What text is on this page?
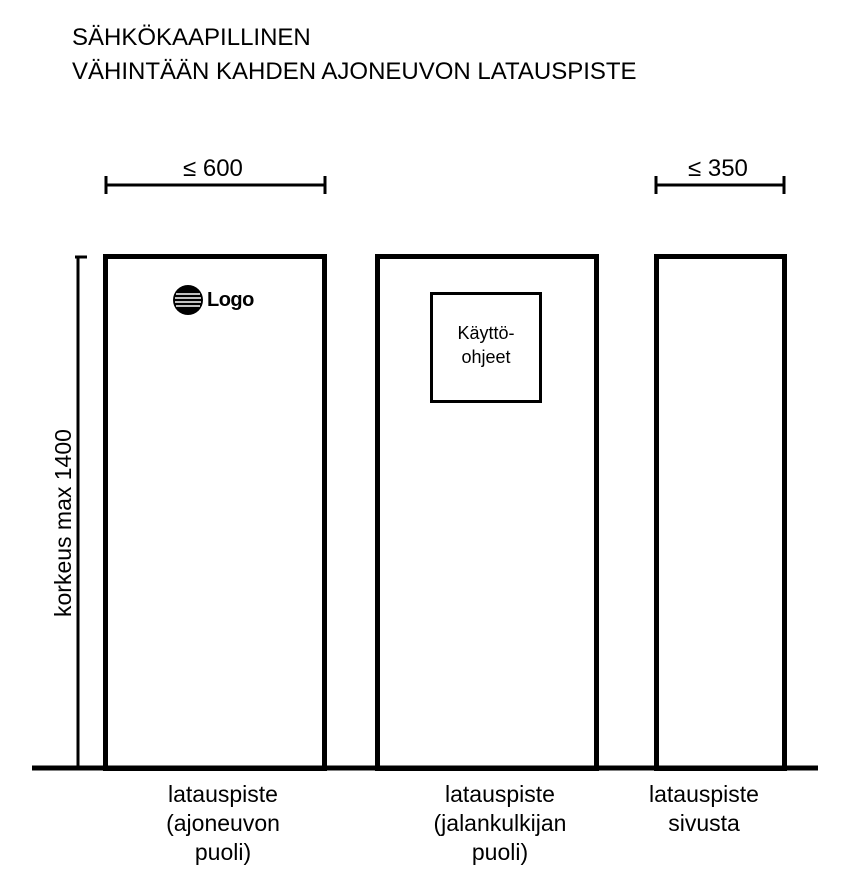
SÄHKÖKAAPILLINEN
VÄHINTÄÄN KAHDEN AJONEUVON LATAUSPISTE
≤ 600	≤ 350
korkeus max 1400
Logo
Käyttö-
ohjeet
latauspiste
(ajoneuvon
puoli)
latauspiste
(jalankulkijan
puoli)
latauspiste
sivusta
